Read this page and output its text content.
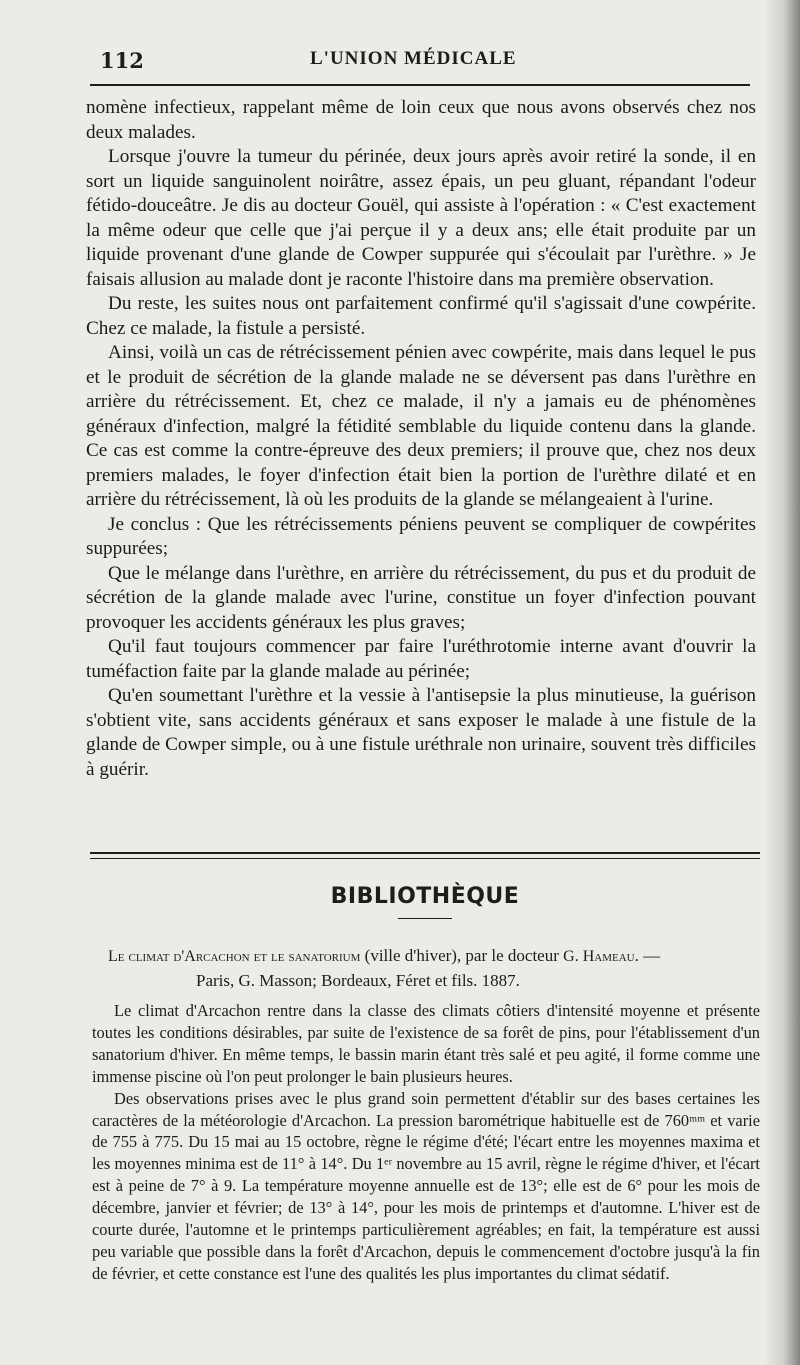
112	L'UNION MÉDICALE

nomène infectieux, rappelant même de loin ceux que nous avons observés chez nos deux malades.

Lorsque j'ouvre la tumeur du périnée, deux jours après avoir retiré la sonde, il en sort un liquide sanguinolent noirâtre, assez épais, un peu gluant, répandant l'odeur fétido-douceâtre. Je dis au docteur Gouël, qui assiste à l'opération : « C'est exactement la même odeur que celle que j'ai perçue il y a deux ans; elle était produite par un liquide provenant d'une glande de Cowper suppurée qui s'écoulait par l'urèthre. » Je faisais allusion au malade dont je raconte l'histoire dans ma première observation.

Du reste, les suites nous ont parfaitement confirmé qu'il s'agissait d'une cowpérite. Chez ce malade, la fistule a persisté.

Ainsi, voilà un cas de rétrécissement pénien avec cowpérite, mais dans lequel le pus et le produit de sécrétion de la glande malade ne se déversent pas dans l'urèthre en arrière du rétrécissement. Et, chez ce malade, il n'y a jamais eu de phénomènes généraux d'infection, malgré la fétidité semblable du liquide contenu dans la glande. Ce cas est comme la contre-épreuve des deux premiers; il prouve que, chez nos deux premiers malades, le foyer d'infection était bien la portion de l'urèthre dilaté et en arrière du rétrécissement, là où les produits de la glande se mélangeaient à l'urine.

Je conclus : Que les rétrécissements péniens peuvent se compliquer de cowpérites suppurées;

Que le mélange dans l'urèthre, en arrière du rétrécissement, du pus et du produit de sécrétion de la glande malade avec l'urine, constitue un foyer d'infection pouvant provoquer les accidents généraux les plus graves;

Qu'il faut toujours commencer par faire l'uréthrotomie interne avant d'ouvrir la tuméfaction faite par la glande malade au périnée;

Qu'en soumettant l'urèthre et la vessie à l'antisepsie la plus minutieuse, la guérison s'obtient vite, sans accidents généraux et sans exposer le malade à une fistule de la glande de Cowper simple, ou à une fistule uréthrale non urinaire, souvent très difficiles à guérir.

BIBLIOTHÈQUE
Le climat d'Arcachon et le sanatorium (ville d'hiver), par le docteur G. Hameau. —
Paris, G. Masson; Bordeaux, Féret et fils. 1887.

Le climat d'Arcachon rentre dans la classe des climats côtiers d'intensité moyenne et présente toutes les conditions désirables, par suite de l'existence de sa forêt de pins, pour l'établissement d'un sanatorium d'hiver. En même temps, le bassin marin étant très salé et peu agité, il forme comme une immense piscine où l'on peut prolonger le bain plusieurs heures.

Des observations prises avec le plus grand soin permettent d'établir sur des bases certaines les caractères de la météorologie d'Arcachon. La pression barométrique habituelle est de 760ᵐᵐ et varie de 755 à 775. Du 15 mai au 15 octobre, règne le régime d'été; l'écart entre les moyennes maxima et les moyennes minima est de 11° à 14°. Du 1ᵉʳ novembre au 15 avril, règne le régime d'hiver, et l'écart est à peine de 7° à 9. La température moyenne annuelle est de 13°; elle est de 6° pour les mois de décembre, janvier et février; de 13° à 14°, pour les mois de printemps et d'automne. L'hiver est de courte durée, l'automne et le printemps particulièrement agréables; en fait, la température est aussi peu variable que possible dans la forêt d'Arcachon, depuis le commencement d'octobre jusqu'à la fin de février, et cette constance est l'une des qualités les plus importantes du climat sédatif.
